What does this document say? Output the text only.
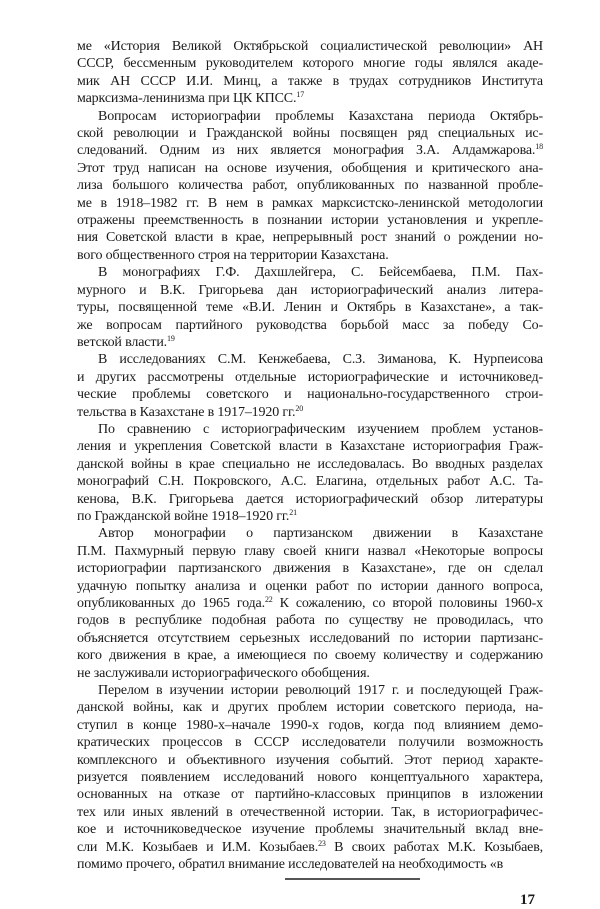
ме «История Великой Октябрьской социалистической революции» АН
СССР, бессменным руководителем которого многие годы являлся акаде-
мик АН СССР И.И. Минц, а также в трудах сотрудников Института
марксизма-ленинизма при ЦК КПСС.$^{17}$
Вопросам историографии проблемы Казахстана периода Октябрь-
ской революции и Гражданской войны посвящен ряд специальных ис-
следований. Одним из них является монография З.А. Алдамжарова.$^{18}$
Этот труд написан на основе изучения, обобщения и критического ана-
лиза большого количества работ, опубликованных по названной пробле-
ме в 1918–1982 гг. В нем в рамках марксистско-ленинской методологии
отражены преемственность в познании истории установления и укрепле-
ния Советской власти в крае, непрерывный рост знаний о рождении но-
вого общественного строя на территории Казахстана.
В монографиях Г.Ф. Дахшлейгера, С. Бейсембаева, П.М. Пах-
мурного и В.К. Григорьева дан историографический анализ литера-
туры, посвященной теме «В.И. Ленин и Октябрь в Казахстане», а так-
же вопросам партийного руководства борьбой масс за победу Со-
ветской власти.$^{19}$
В исследованиях С.М. Кенжебаева, С.З. Зиманова, К. Нурпеисова
и других рассмотрены отдельные историографические и источниковед-
ческие проблемы советского и национально-государственного строи-
тельства в Казахстане в 1917–1920 гг.$^{20}$
По сравнению с историографическим изучением проблем установ-
ления и укрепления Советской власти в Казахстане историография Граж-
данской войны в крае специально не исследовалась. Во вводных разделах
монографий С.Н. Покровского, А.С. Елагина, отдельных работ А.С. Та-
кенова, В.К. Григорьева дается историографический обзор литературы
по Гражданской войне 1918–1920 гг.$^{21}$
Автор монографии о партизанском движении в Казахстане
П.М. Пахмурный первую главу своей книги назвал «Некоторые вопросы
историографии партизанского движения в Казахстане», где он сделал
удачную попытку анализа и оценки работ по истории данного вопроса,
опубликованных до 1965 года.$^{22}$ К сожалению, со второй половины 1960-х
годов в республике подобная работа по существу не проводилась, что
объясняется отсутствием серьезных исследований по истории партизанс-
кого движения в крае, а имеющиеся по своему количеству и содержанию
не заслуживали историографического обобщения.
Перелом в изучении истории революций 1917 г. и последующей Граж-
данской войны, как и других проблем истории советского периода, на-
ступил в конце 1980-х–начале 1990-х годов, когда под влиянием демо-
кратических процессов в СССР исследователи получили возможность
комплексного и объективного изучения событий. Этот период характе-
ризуется появлением исследований нового концептуального характера,
основанных на отказе от партийно-классовых принципов в изложении
тех или иных явлений в отечественной истории. Так, в историографичес-
кое и источниковедческое изучение проблемы значительный вклад вне-
сли М.К. Козыбаев и И.М. Козыбаев.$^{23}$ В своих работах М.К. Козыбаев,
помимо прочего, обратил внимание исследователей на необходимость «в
17
